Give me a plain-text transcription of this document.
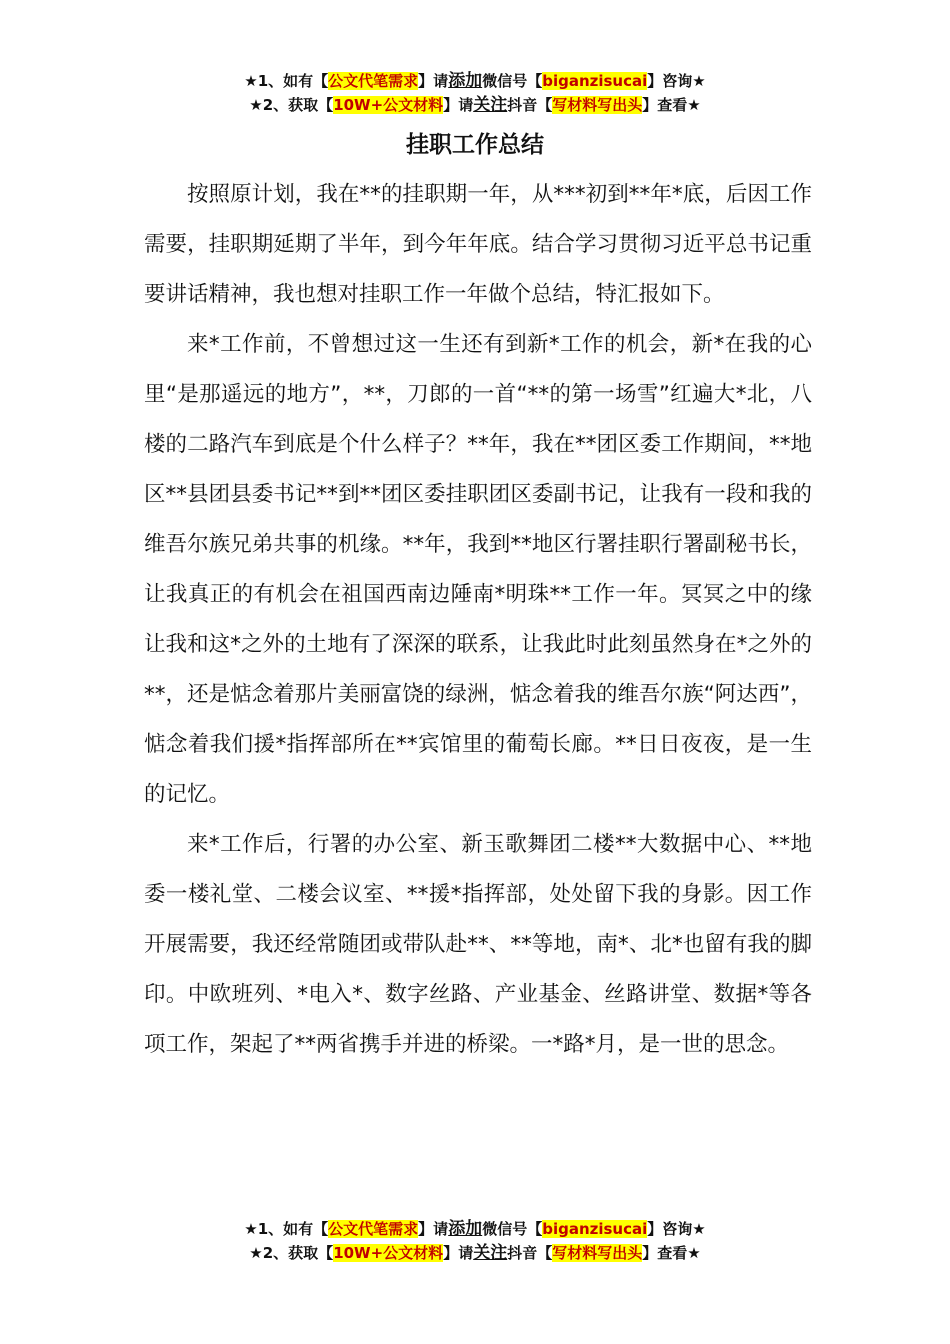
★1、如有【公文代笔需求】请添加微信号【biganzisucai】咨询★
★2、获取【10W+公文材料】请关注抖音【写材料写出头】查看★
挂职工作总结

按照原计划，我在**的挂职期一年，从***初到**年*底，后因工作需要，挂职期延期了半年，到今年年底。结合学习贯彻习近平总书记重要讲话精神，我也想对挂职工作一年做个总结，特汇报如下。

来*工作前，不曾想过这一生还有到新*工作的机会，新*在我的心里“是那遥远的地方”，**，刀郎的一首“**的第一场雪”红遍大*北，八楼的二路汽车到底是个什么样子？**年，我在**团区委工作期间，**地区**县团县委书记**到**团区委挂职团区委副书记，让我有一段和我的维吾尔族兄弟共事的机缘。**年，我到**地区行署挂职行署副秘书长，让我真正的有机会在祖国西南边陲南*明珠**工作一年。冥冥之中的缘让我和这*之外的土地有了深深的联系，让我此时此刻虽然身在*之外的**，还是惦念着那片美丽富饶的绿洲，惦念着我的维吾尔族“阿达西”，惦念着我们援*指挥部所在**宾馆里的葡萄长廊。**日日夜夜，是一生的记忆。

来*工作后，行署的办公室、新玉歌舞团二楼**大数据中心、**地委一楼礼堂、二楼会议室、**援*指挥部，处处留下我的身影。因工作开展需要，我还经常随团或带队赴**、**等地，南*、北*也留有我的脚印。中欧班列、*电入*、数字丝路、产业基金、丝路讲堂、数据*等各项工作，架起了**两省携手并进的桥梁。一*路*月，是一世的思念。

★1、如有【公文代笔需求】请添加微信号【biganzisucai】咨询★
★2、获取【10W+公文材料】请关注抖音【写材料写出头】查看★
